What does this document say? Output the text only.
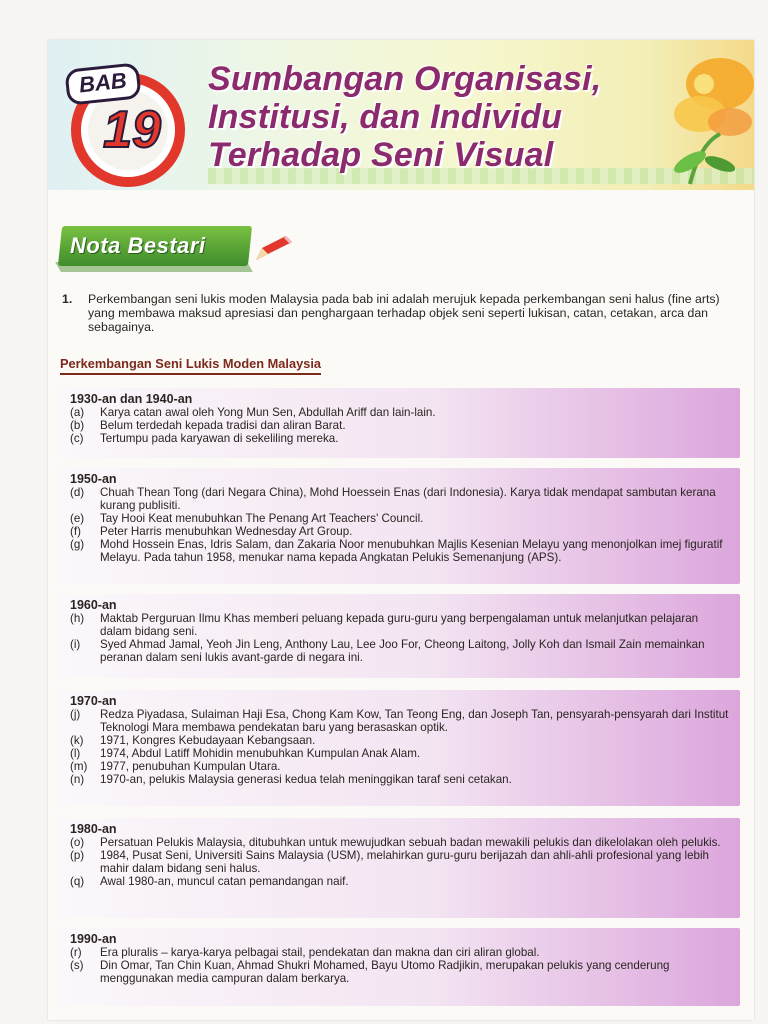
BAB
19
Sumbangan Organisasi,
Institusi, dan Individu
Terhadap Seni Visual
Nota Bestari
1. Perkembangan seni lukis moden Malaysia pada bab ini adalah merujuk kepada perkembangan seni halus (fine arts) yang membawa maksud apresiasi dan penghargaan terhadap objek seni seperti lukisan, catan, cetakan, arca dan sebagainya.
Perkembangan Seni Lukis Moden Malaysia
1930-an dan 1940-an
(a) Karya catan awal oleh Yong Mun Sen, Abdullah Ariff dan lain-lain.
(b) Belum terdedah kepada tradisi dan aliran Barat.
(c) Tertumpu pada karyawan di sekeliling mereka.
1950-an
(d) Chuah Thean Tong (dari Negara China), Mohd Hoessein Enas (dari Indonesia). Karya tidak mendapat sambutan kerana kurang publisiti.
(e) Tay Hooi Keat menubuhkan The Penang Art Teachers' Council.
(f) Peter Harris menubuhkan Wednesday Art Group.
(g) Mohd Hossein Enas, Idris Salam, dan Zakaria Noor menubuhkan Majlis Kesenian Melayu yang menonjolkan imej figuratif Melayu. Pada tahun 1958, menukar nama kepada Angkatan Pelukis Semenanjung (APS).
1960-an
(h) Maktab Perguruan Ilmu Khas memberi peluang kepada guru-guru yang berpengalaman untuk melanjutkan pelajaran dalam bidang seni.
(i) Syed Ahmad Jamal, Yeoh Jin Leng, Anthony Lau, Lee Joo For, Cheong Laitong, Jolly Koh dan Ismail Zain memainkan peranan dalam seni lukis avant-garde di negara ini.
1970-an
(j) Redza Piyadasa, Sulaiman Haji Esa, Chong Kam Kow, Tan Teong Eng, dan Joseph Tan, pensyarah-pensyarah dari Institut Teknologi Mara membawa pendekatan baru yang berasaskan optik.
(k) 1971, Kongres Kebudayaan Kebangsaan.
(l) 1974, Abdul Latiff Mohidin menubuhkan Kumpulan Anak Alam.
(m) 1977, penubuhan Kumpulan Utara.
(n) 1970-an, pelukis Malaysia generasi kedua telah meninggikan taraf seni cetakan.
1980-an
(o) Persatuan Pelukis Malaysia, ditubuhkan untuk mewujudkan sebuah badan mewakili pelukis dan dikelolakan oleh pelukis.
(p) 1984, Pusat Seni, Universiti Sains Malaysia (USM), melahirkan guru-guru berijazah dan ahli-ahli profesional yang lebih mahir dalam bidang seni halus.
(q) Awal 1980-an, muncul catan pemandangan naif.
1990-an
(r) Era pluralis – karya-karya pelbagai stail, pendekatan dan makna dan ciri aliran global.
(s) Din Omar, Tan Chin Kuan, Ahmad Shukri Mohamed, Bayu Utomo Radjikin, merupakan pelukis yang cenderung menggunakan media campuran dalam berkarya.
